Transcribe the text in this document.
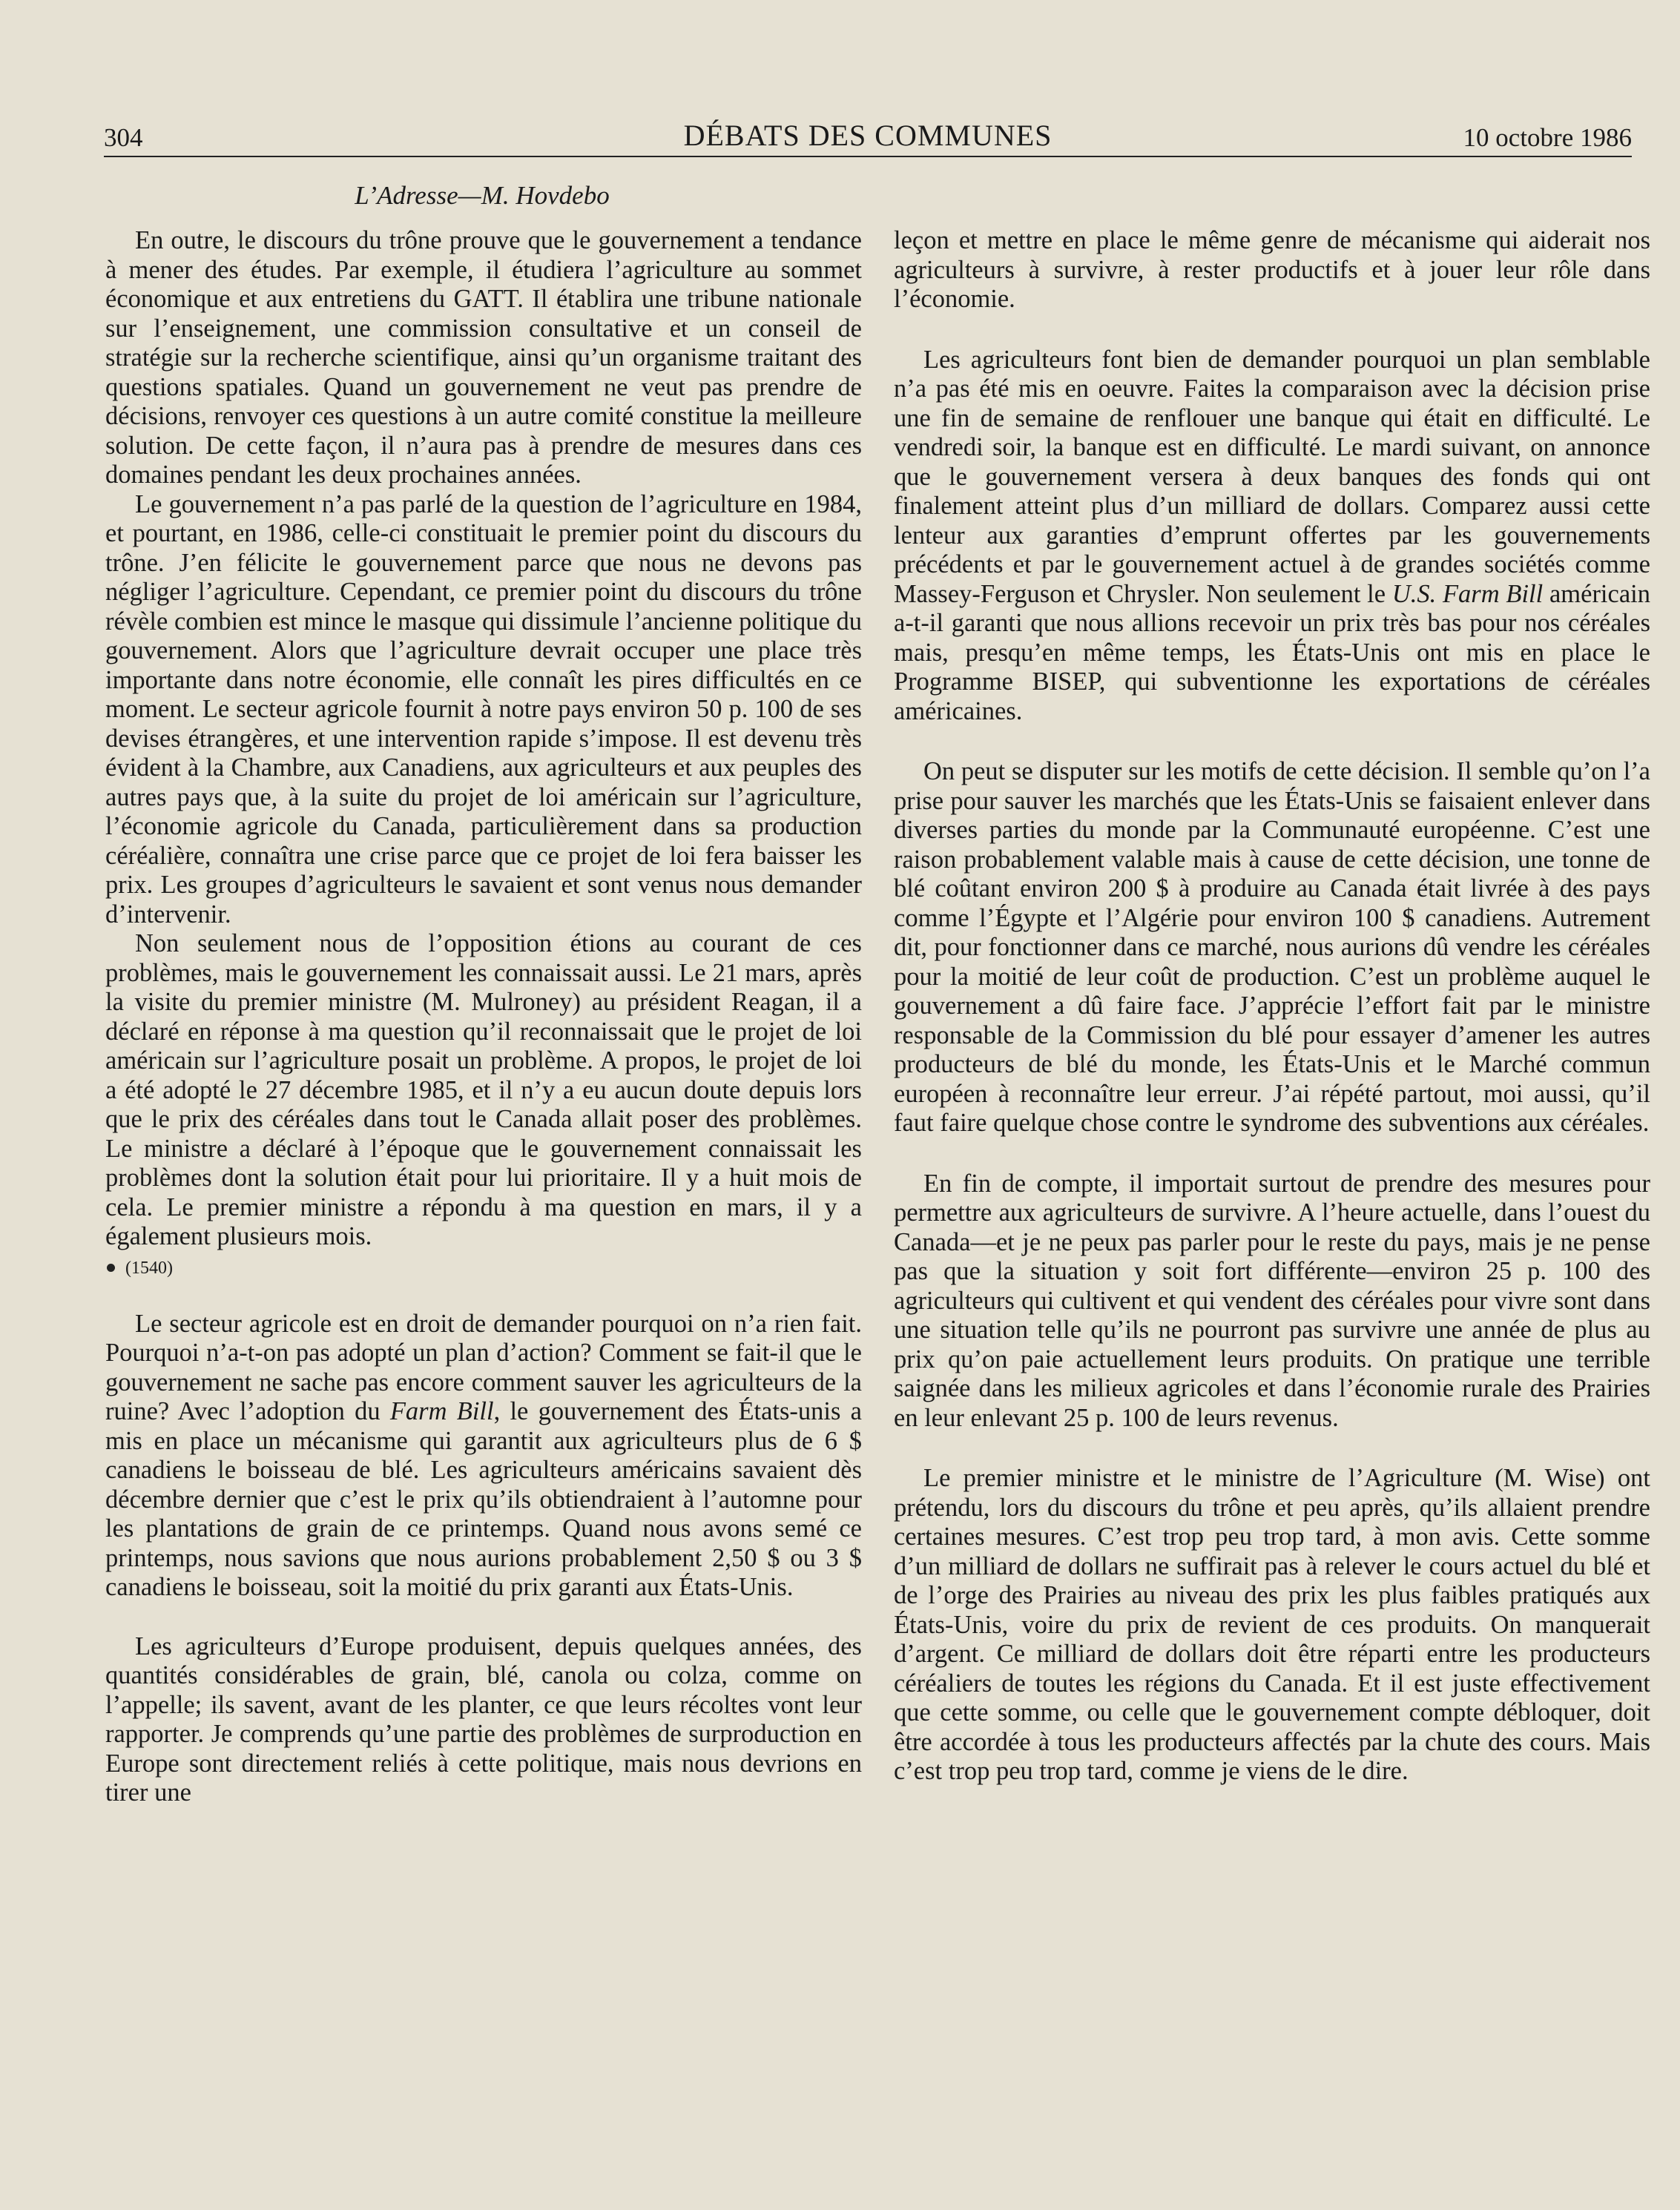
304	DÉBATS DES COMMUNES	10 octobre 1986
L’Adresse—M. Hovdebo

En outre, le discours du trône prouve que le gouvernement a tendance à mener des études. Par exemple, il étudiera l’agriculture au sommet économique et aux entretiens du GATT. Il établira une tribune nationale sur l’enseignement, une commission consultative et un conseil de stratégie sur la recherche scientifique, ainsi qu’un organisme traitant des questions spatiales. Quand un gouvernement ne veut pas prendre de décisions, renvoyer ces questions à un autre comité constitue la meilleure solution. De cette façon, il n’aura pas à prendre de mesures dans ces domaines pendant les deux prochaines années.

Le gouvernement n’a pas parlé de la question de l’agriculture en 1984, et pourtant, en 1986, celle-ci constituait le premier point du discours du trône. J’en félicite le gouvernement parce que nous ne devons pas négliger l’agriculture. Cependant, ce premier point du discours du trône révèle combien est mince le masque qui dissimule l’ancienne politique du gouvernement. Alors que l’agriculture devrait occuper une place très importante dans notre économie, elle connaît les pires difficultés en ce moment. Le secteur agricole fournit à notre pays environ 50 p. 100 de ses devises étrangères, et une intervention rapide s’impose. Il est devenu très évident à la Chambre, aux Canadiens, aux agriculteurs et aux peuples des autres pays que, à la suite du projet de loi américain sur l’agriculture, l’économie agricole du Canada, particulièrement dans sa production céréalière, connaîtra une crise parce que ce projet de loi fera baisser les prix. Les groupes d’agriculteurs le savaient et sont venus nous demander d’intervenir.

Non seulement nous de l’opposition étions au courant de ces problèmes, mais le gouvernement les connaissait aussi. Le 21 mars, après la visite du premier ministre (M. Mulroney) au président Reagan, il a déclaré en réponse à ma question qu’il reconnaissait que le projet de loi américain sur l’agriculture posait un problème. A propos, le projet de loi a été adopté le 27 décembre 1985, et il n’y a eu aucun doute depuis lors que le prix des céréales dans tout le Canada allait poser des problèmes. Le ministre a déclaré à l’époque que le gouvernement connaissait les problèmes dont la solution était pour lui prioritaire. Il y a huit mois de cela. Le premier ministre a répondu à ma question en mars, il y a également plusieurs mois.

(1540)

Le secteur agricole est en droit de demander pourquoi on n’a rien fait. Pourquoi n’a-t-on pas adopté un plan d’action? Comment se fait-il que le gouvernement ne sache pas encore comment sauver les agriculteurs de la ruine? Avec l’adoption du Farm Bill, le gouvernement des États-unis a mis en place un mécanisme qui garantit aux agriculteurs plus de 6 $ canadiens le boisseau de blé. Les agriculteurs américains savaient dès décembre dernier que c’est le prix qu’ils obtiendraient à l’automne pour les plantations de grain de ce printemps. Quand nous avons semé ce printemps, nous savions que nous aurions probablement 2,50 $ ou 3 $ canadiens le boisseau, soit la moitié du prix garanti aux États-Unis.

Les agriculteurs d’Europe produisent, depuis quelques années, des quantités considérables de grain, blé, canola ou colza, comme on l’appelle; ils savent, avant de les planter, ce que leurs récoltes vont leur rapporter. Je comprends qu’une partie des problèmes de surproduction en Europe sont directement reliés à cette politique, mais nous devrions en tirer une

leçon et mettre en place le même genre de mécanisme qui aiderait nos agriculteurs à survivre, à rester productifs et à jouer leur rôle dans l’économie.

Les agriculteurs font bien de demander pourquoi un plan semblable n’a pas été mis en oeuvre. Faites la comparaison avec la décision prise une fin de semaine de renflouer une banque qui était en difficulté. Le vendredi soir, la banque est en difficulté. Le mardi suivant, on annonce que le gouvernement versera à deux banques des fonds qui ont finalement atteint plus d’un milliard de dollars. Comparez aussi cette lenteur aux garanties d’emprunt offertes par les gouvernements précédents et par le gouvernement actuel à de grandes sociétés comme Massey-Ferguson et Chrysler. Non seulement le U.S. Farm Bill américain a-t-il garanti que nous allions recevoir un prix très bas pour nos céréales mais, presqu’en même temps, les États-Unis ont mis en place le Programme BISEP, qui subventionne les exportations de céréales américaines.

On peut se disputer sur les motifs de cette décision. Il semble qu’on l’a prise pour sauver les marchés que les États-Unis se faisaient enlever dans diverses parties du monde par la Communauté européenne. C’est une raison probablement valable mais à cause de cette décision, une tonne de blé coûtant environ 200 $ à produire au Canada était livrée à des pays comme l’Égypte et l’Algérie pour environ 100 $ canadiens. Autrement dit, pour fonctionner dans ce marché, nous aurions dû vendre les céréales pour la moitié de leur coût de production. C’est un problème auquel le gouvernement a dû faire face. J’apprécie l’effort fait par le ministre responsable de la Commission du blé pour essayer d’amener les autres producteurs de blé du monde, les États-Unis et le Marché commun européen à reconnaître leur erreur. J’ai répété partout, moi aussi, qu’il faut faire quelque chose contre le syndrome des subventions aux céréales.

En fin de compte, il importait surtout de prendre des mesures pour permettre aux agriculteurs de survivre. A l’heure actuelle, dans l’ouest du Canada—et je ne peux pas parler pour le reste du pays, mais je ne pense pas que la situation y soit fort différente—environ 25 p. 100 des agriculteurs qui cultivent et qui vendent des céréales pour vivre sont dans une situation telle qu’ils ne pourront pas survivre une année de plus au prix qu’on paie actuellement leurs produits. On pratique une terrible saignée dans les milieux agricoles et dans l’économie rurale des Prairies en leur enlevant 25 p. 100 de leurs revenus.

Le premier ministre et le ministre de l’Agriculture (M. Wise) ont prétendu, lors du discours du trône et peu après, qu’ils allaient prendre certaines mesures. C’est trop peu trop tard, à mon avis. Cette somme d’un milliard de dollars ne suffirait pas à relever le cours actuel du blé et de l’orge des Prairies au niveau des prix les plus faibles pratiqués aux États-Unis, voire du prix de revient de ces produits. On manquerait d’argent. Ce milliard de dollars doit être réparti entre les producteurs céréaliers de toutes les régions du Canada. Et il est juste effectivement que cette somme, ou celle que le gouvernement compte débloquer, doit être accordée à tous les producteurs affectés par la chute des cours. Mais c’est trop peu trop tard, comme je viens de le dire.
